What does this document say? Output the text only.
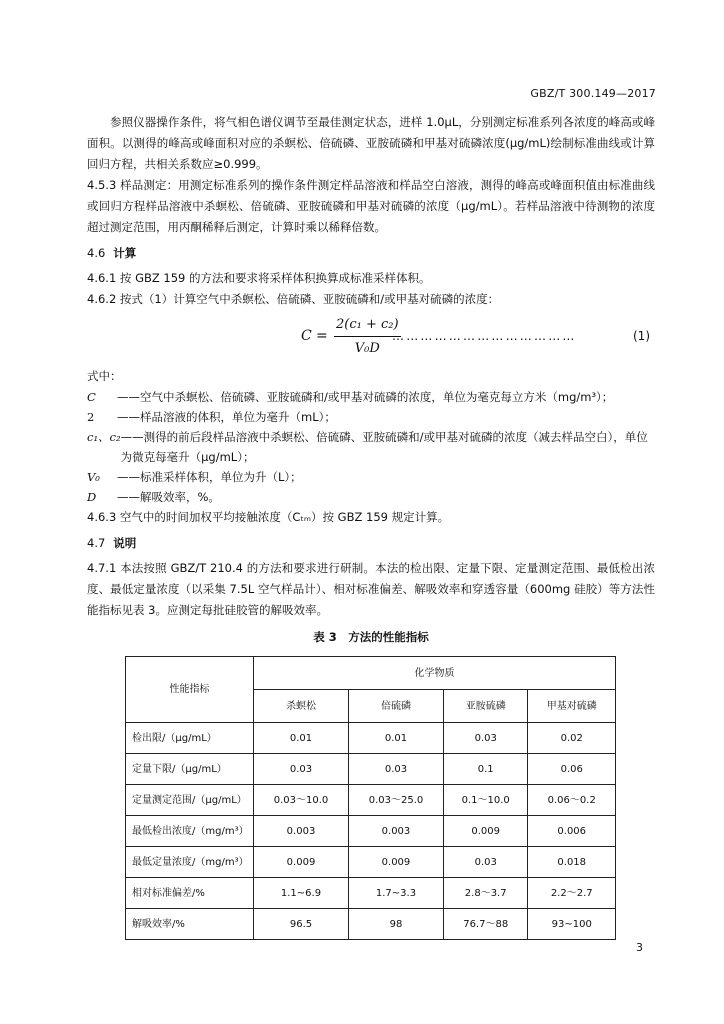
GBZ/T 300.149—2017

参照仪器操作条件，将气相色谱仪调节至最佳测定状态，进样 1.0μL，分别测定标准系列各浓度的峰高或峰面积。以测得的峰高或峰面积对应的杀螟松、倍硫磷、亚胺硫磷和甲基对硫磷浓度(μg/mL)绘制标准曲线或计算回归方程，共相关系数应≥0.999。

4.5.3 样品测定：用测定标准系列的操作条件测定样品溶液和样品空白溶液，测得的峰高或峰面积值由标准曲线或回归方程样品溶液中杀螟松、倍硫磷、亚胺硫磷和甲基对硫磷的浓度（μg/mL）。若样品溶液中待测物的浓度超过测定范围，用丙酮稀释后测定，计算时乘以稀释倍数。

4.6 计算

4.6.1 按 GBZ 159 的方法和要求将采样体积换算成标准采样体积。

4.6.2 按式（1）计算空气中杀螟松、倍硫磷、亚胺硫磷和/或甲基对硫磷的浓度：

$C = \frac{\text{2(c₁ + c₂)}}{\text{V₀D}}$
…………………………………	(1)

式中：

C	——空气中杀螟松、倍硫磷、亚胺硫磷和/或甲基对硫磷的浓度，单位为毫克每立方米（mg/m³）；
2	——样品溶液的体积，单位为毫升（mL）；
c₁、c₂ ——测得的前后段样品溶液中杀螟松、倍硫磷、亚胺硫磷和/或甲基对硫磷的浓度（减去样品空白），单位为微克每毫升（μg/mL）；
V₀	——标准采样体积，单位为升（L）；
D	——解吸效率，%。

4.6.3 空气中的时间加权平均接触浓度（Cₜₘ）按 GBZ 159 规定计算。

4.7 说明

4.7.1 本法按照 GBZ/T 210.4 的方法和要求进行研制。本法的检出限、定量下限、定量测定范围、最低检出浓度、最低定量浓度（以采集 7.5L 空气样品计）、相对标准偏差、解吸效率和穿透容量（600mg 硅胶）等方法性能指标见表 3。应测定每批硅胶管的解吸效率。

表 3　方法的性能指标
性能指标	化学物质			
	杀螟松	倍硫磷	亚胺硫磷	甲基对硫磷
检出限/（μg/mL）	0.01	0.01	0.03	0.02
定量下限/（μg/mL）	0.03	0.03	0.1	0.06
定量测定范围/（μg/mL）	0.03～10.0	0.03～25.0	0.1～10.0	0.06～0.2
最低检出浓度/（mg/m³）	0.003	0.003	0.009	0.006
最低定量浓度/（mg/m³）	0.009	0.009	0.03	0.018
相对标准偏差/%	1.1~6.9	1.7~3.3	2.8～3.7	2.2～2.7
解吸效率/%	96.5	98	76.7～88	93~100
3
